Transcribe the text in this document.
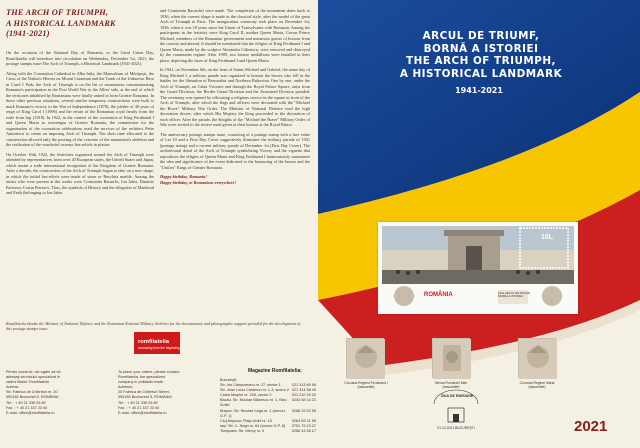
THE ARCH OF TRIUMPH,
A HISTORICAL LANDMARK
(1941-2021)

On the occasion of the National Day of Romania, or the Great Union Day, Romfilatelia will introduce into circulation on Wednesday, December 1st, 2021, the postage stamps issue The Arch of Triumph, a Historical Landmark (1941-2021).

Along with the Coronation Cathedral in Alba Iulia, the Mausoleum of Mărăşeşti, the Cross of the Nation's Heroes on Mount Caraiman and the Tomb of the Unknown Hero in Carol I Park, the Arch of Triumph is on the list of monuments commemorating Romania's participation in the First World War to the Allies' side, at the end of which the territories inhabited by Romanians were finally united to form Greater Romania. In those other previous situations, several similar temporary constructions were built to mark Romania's victory in the War of Independence (1878), the jubilee of 40 years of reign of King Carol I (1906) and the return of the Romanian royal family from the exile from Iaşi (1918). In 1922, in the context of the coronation of King Ferdinand I and Queen Maria as sovereigns of Greater Romania, the commission for the organization of the coronation celebrations used the services of the architect Petre Antonescu to create an imposing Arch of Triumph. The short time allocated to the construction allowed only the pouring of the concrete of the monument's skeleton and the realization of the wonderful exterior bas-reliefs in plaster.

On October 16th, 1922, the festivities organized around the Arch of Triumph were attended by representatives from over 20 European states, the United States and Japan, which meant a wide international recognition of the Kingdom of Greater Romania. After a decade, the construction of the Arch of Triumph began to take on a new shape, in which the initial bas-reliefs were made of stone or Ruschita marble. Among the artists who were present at the works were Constantin Baraschi, Ion Jalea, Dimitrie Paciurea, Costin Petrescu. Thus, the symbols of History and the allegories of Manhood and Faith (belonging to Ion Jalea

and Constantin Baraschi) were made. The completion of the monument dates back to 1936, when the current shape is made in the classical style, after the model of the great Arch of Triumph in Paris. The inauguration ceremony took place on December 1st, 1936, when it was 18 years since the Union of Transylvania with Romania. Among the participants in the festivity were King Carol II, mother Queen Maria, Crown Prince Michael, members of the Romanian government and numerous guests of honour from the country and abroad. It should be mentioned that the effigies of King Ferdinand I and Queen Maria, made by the sculptor Alexandru Călinescu, were removed and destroyed by the communist regime. After 1989, two bronze medallions were installed in their place, depicting the faces of King Ferdinand I and Queen Maria.

In 1941, on November 6th, on the feast of Saints Michael and Gabriel, the name day of King Michael I, a military parade was organized to honour the heroes who fell in the battles for the liberation of Bessarabia and Northern Bukovina. One by one, under the Arch of Triumph, on Calea Victoriei and through the Royal Palace Square, units from the Guard Division, the Border Guard Division and the Armoured Division paraded. The ceremony was opened by officiating a religious service in the square in front of the Arch of Triumph, after which the flags and officers were decorated with the "Michael the Brave" Military War Order. The Minister of National Defence read the high decoration decree, after which His Majesty the King proceeded to the decoration of each officer. After the parade, the Knights of the "Michael the Brave" Military Order of War were invited to the festive meal given in their honour at the Royal Palace.

The anniversary postage stamps issue, consisting of a postage stamp with a face value of Lei 10 and a First Day Cover suggestively illustrates the military parade of 1941 (postage stamp) and a current military parade of December 1st (First Day Cover). The architectural detail of the Arch of Triumph symbolizing Victory and the vignette that reproduces the effigies of Queen Maria and King Ferdinand I harmoniously summarize the idea and significance of the event dedicated to the honouring of the heroes and the "Unifier" Kings of Greater Romania.

Happy birthday, Romania!
Happy birthday, to Romanians everywhere!

Romfilatelia thanks the Ministry of National Defence and the Romanian National Military Archives for the documentary and photographic support provided for the development of this postage stamps issue.
romfilatelia
a knowing from the beginning
Pentru comenzi, vă rugăm să vă adresaţi serviciului specializat în cadrul filialei: Romfilatelia
Adresa:
Str. Fabrica de Chibrituri nr. 20
050183 București 5, ROMÂNIA
Tel. : + 40 21 336 93 82
Fax. : + 40 21 337 23 40
E-mail: office@romfilatelia.ro
To place your orders, please contact:
Romfilatelia, the specialized
company in philatelic trade.
Address:
20 Fabrica de Chibrituri Street,
050183 Bucharest 5, ROMANIA
Tel. : + 40 21 336 93 82
Fax. : + 40 21 337 23 40
E-mail: office@romfilatelia.ro
Magazine Romfilatelia:
Bucureşti:
Str. Ion Câmpineanu nr. 27, sector 1	021 313 89 96
Str. Jean Louis Calderon nr. 1-3, sector 2 021 314 58 49
Calea Moşilor nr. 208, sector 2	021 210 29 20
Bacău: Str. Nicolae Bălcescu nr. 1, Bloc Sofiei
0234 58 14 21
Braşov: Str. Nicolae Iorga nr. 1 (turnuri-O.P. 1)
0268 15 20 55
Cluj-Napoca: Piaţa Unirii nr. 13	0264 59 21 55
Iaşi: Str. C. Negri nr. 64 (turnuri-O.P. 8)	0751 79 23 07
Timişoara: Str. Mercy nr. 9	0256 43 46 17
ARCUL DE TRIUMF,
BORNĂ A ISTORIEI
THE ARCH OF TRIUMPH,
A HISTORICAL LANDMARK
1941-2021
ROMÂNIA
10L
1941 ARCUL DE TRIUMF, BORNĂ A ISTORIEI
Coroana Regelui Ferdinand I
(basorelief)
Stema României Mari
(basorelief)
Coroana Reginei Maria
(basorelief)
ZIUA DE EMISIUNE
01.12.2021 BUCUREŞTI	2021
